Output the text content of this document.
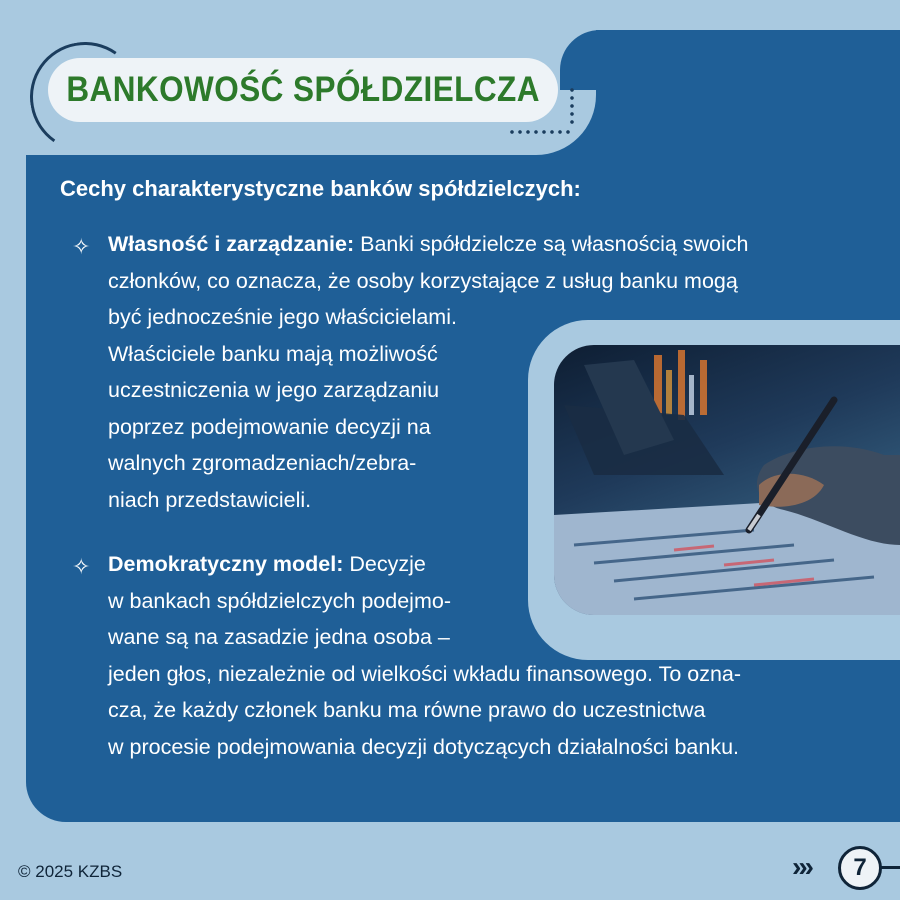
BANKOWOŚĆ SPÓŁDZIELCZA
Cechy charakterystyczne banków spółdzielczych:
✧ Własność i zarządzanie: Banki spółdzielcze są własnością swoich
członków, co oznacza, że osoby korzystające z usług banku mogą
być jednocześnie jego właścicielami.
Właściciele banku mają możliwość
uczestniczenia w jego zarządzaniu
poprzez podejmowanie decyzji na
walnych zgromadzeniach/zebra-
niach przedstawicieli.
✧ Demokratyczny model: Decyzje
w bankach spółdzielczych podejmo-
wane są na zasadzie jedna osoba –
jeden głos, niezależnie od wielkości wkładu finansowego. To ozna-
cza, że każdy członek banku ma równe prawo do uczestnictwa
w procesie podejmowania decyzji dotyczących działalności banku.
© 2025 KZBS	››› 7
